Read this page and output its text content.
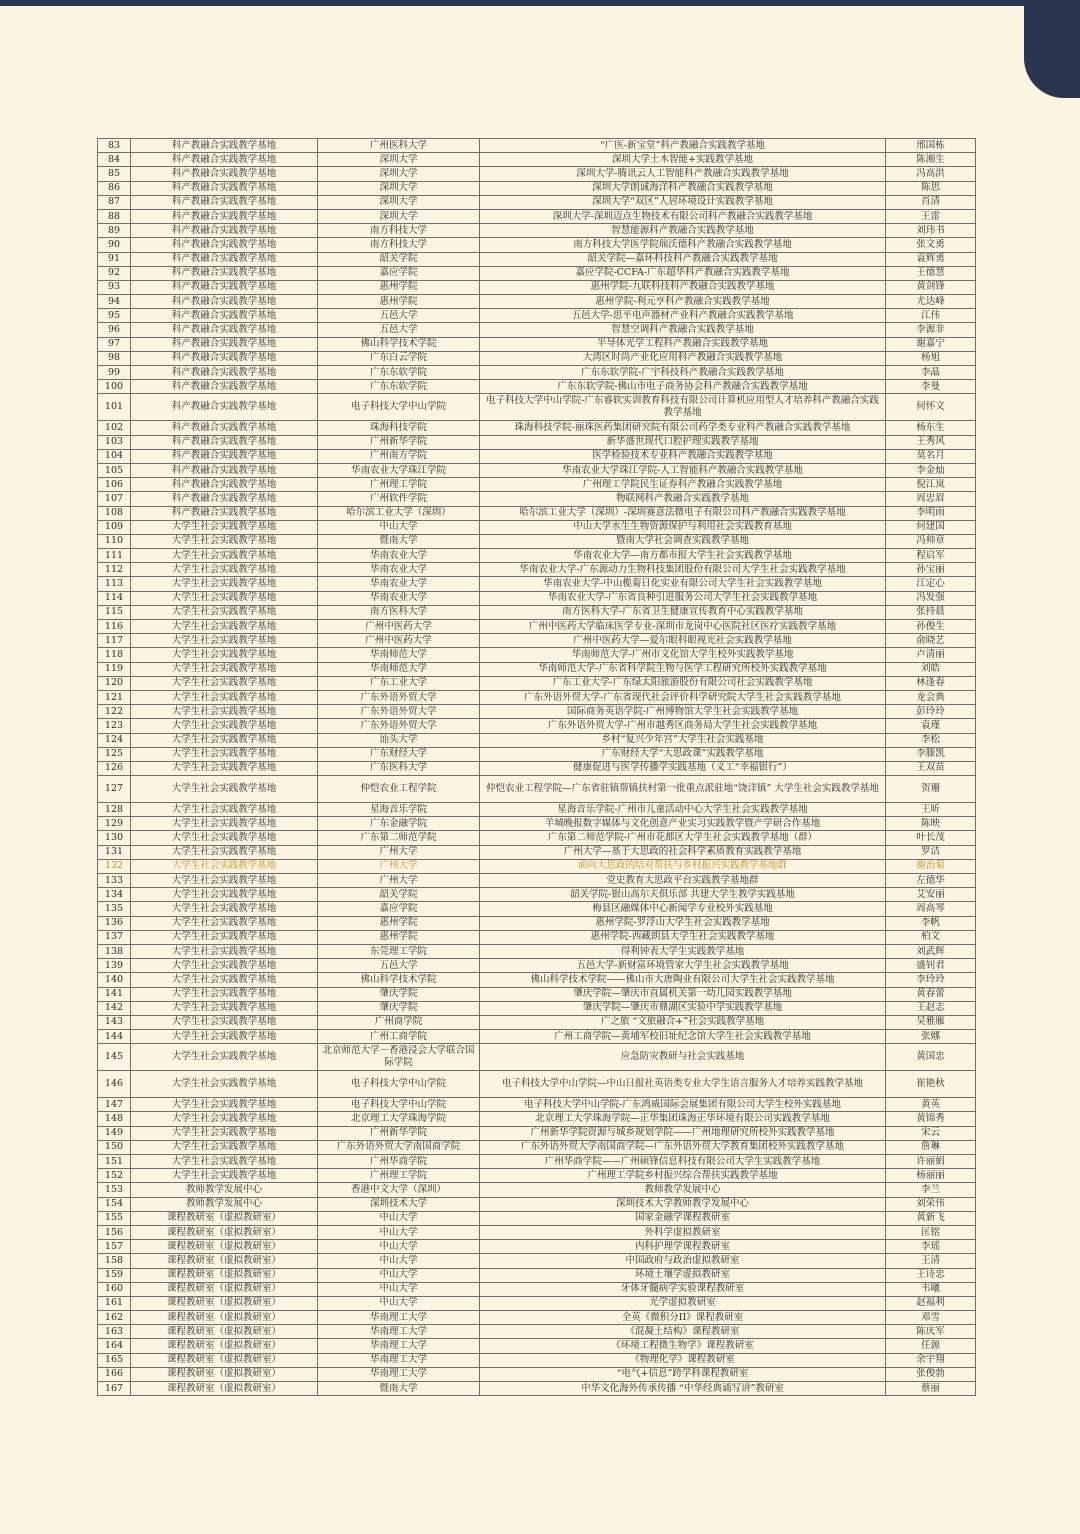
83	科产教融合实践教学基地	广州医科大学	“广医-新宝堂”科产教融合实践教学基地	邢国栋
84	科产教融合实践教学基地	深圳大学	深圳大学土木智能+实践教学基地	陈湘生
85	科产教融合实践教学基地	深圳大学	深圳大学-腾讯云人工智能科产教融合实践教学基地	冯高洪
86	科产教融合实践教学基地	深圳大学	深圳大学朗诚海洋科产教融合实践教学基地	陈思
87	科产教融合实践教学基地	深圳大学	深圳大学“双区”人居环境设计实践教学基地	肖清
88	科产教融合实践教学基地	深圳大学	深圳大学-深圳迈点生物技术有限公司科产教融合实践教学基地	王雷
89	科产教融合实践教学基地	南方科技大学	智慧能源科产教融合实践教学基地	刘玮书
90	科产教融合实践教学基地	南方科技大学	南方科技大学医学院瑞沃德科产教融合实践教学基地	张文勇
91	科产教融合实践教学基地	韶关学院	韶关学院—嘉环科技科产教融合实践教学基地	袁辉勇
92	科产教融合实践教学基地	嘉应学院	嘉应学院-CCFA-广东超华科产教融合实践教学基地	王德慧
93	科产教融合实践教学基地	惠州学院	惠州学院-九联科技科产教融合实践教学基地	黄剑锋
94	科产教融合实践教学基地	惠州学院	惠州学院-利元亨科产教融合实践教学基地	尤达峰
95	科产教融合实践教学基地	五邑大学	五邑大学-思平电声器材产业科产教融合实践教学基地	江伟
96	科产教融合实践教学基地	五邑大学	智慧空调科产教融合实践教学基地	李源非
97	科产教融合实践教学基地	佛山科学技术学院	半导体光学工程科产教融合实践教学基地	谢嘉宁
98	科产教融合实践教学基地	广东白云学院	大湾区时尚产业化应用科产教融合实践教学基地	杨旭
99	科产教融合实践教学基地	广东东软学院	广东东软学院-广宇科技科产教融合实践教学基地	李晶
100	科产教融合实践教学基地	广东东软学院	广东东软学院-佛山市电子商务协会科产教融合实践教学基地	李曼
101	科产教融合实践教学基地	电子科技大学中山学院	电子科技大学中山学院-广东睿软实训教育科技有限公司计算机应用型人才培养科产教融合实践教学基地	何怀文
102	科产教融合实践教学基地	珠海科技学院	珠海科技学院-丽珠医药集团研究院有限公司药学类专业科产教融合实践教学基地	杨东生
103	科产教融合实践教学基地	广州新华学院	新华盛世现代口腔护理实践教学基地	王秀风
104	科产教融合实践教学基地	广州南方学院	医学检验技术专业科产教融合实践教学基地	莫名月
105	科产教融合实践教学基地	华南农业大学珠江学院	华南农业大学珠江学院-人工智能科产教融合实践教学基地	李金灿
106	科产教融合实践教学基地	广州理工学院	广州理工学院民生证券科产教融合实践教学基地	倪江岚
107	科产教融合实践教学基地	广州软件学院	物联网科产教融合实践教学基地	周忠眉
108	科产教融合实践教学基地	哈尔滨工业大学（深圳）	哈尔滨工业大学（深圳）-深圳赛意法微电子有限公司科产教融合实践教学基地	李明雨
109	大学生社会实践教学基地	中山大学	中山大学水生生物资源保护与利用社会实践教育基地	何建国
110	大学生社会实践教学基地	暨南大学	暨南大学社会调查实践教学基地	冯帅章
111	大学生社会实践教学基地	华南农业大学	华南农业大学—南方都市报大学生社会实践教学基地	程启军
112	大学生社会实践教学基地	华南农业大学	华南农业大学-广东源动力生物科技集团股份有限公司大学生社会实践教学基地	孙宝丽
113	大学生社会实践教学基地	华南农业大学	华南农业大学-中山榄菊日化实业有限公司大学生社会实践教学基地	江定心
114	大学生社会实践教学基地	华南农业大学	华南农业大学-广东省良种引进服务公司大学生社会实践教学基地	冯发强
115	大学生社会实践教学基地	南方医科大学	南方医科大学-广东省卫生健康宣传教育中心实践教学基地	张持晨
116	大学生社会实践教学基地	广州中医药大学	广州中医药大学临床医学专业-深圳市龙岗中心医院社区医疗实践教学基地	孙俊生
117	大学生社会实践教学基地	广州中医药大学	广州中医药大学—爱尔眼科眼视光社会实践教学基地	俞晓艺
118	大学生社会实践教学基地	华南师范大学	华南师范大学-广州市文化馆大学生校外实践教学基地	卢清丽
119	大学生社会实践教学基地	华南师范大学	华南师范大学-广东省科学院生物与医学工程研究所校外实践教学基地	刘皓
120	大学生社会实践教学基地	广东工业大学	广东工业大学-广东绿太阳旅游股份有限公司社会实践教学基地	林逢春
121	大学生社会实践教学基地	广东外语外贸大学	广东外语外贸大学-广东省现代社会评价科学研究院大学生社会实践教学基地	龙会典
122	大学生社会实践教学基地	广东外语外贸大学	国际商务英语学院-广州博物馆大学生社会实践教学基地	彭玲玲
123	大学生社会实践教学基地	广东外语外贸大学	广东外语外贸大学-广州市越秀区商务局大学生社会实践教学基地	袁瑾
124	大学生社会实践教学基地	汕头大学	乡村“复兴少年宫”大学生社会实践基地	李松
125	大学生社会实践教学基地	广东财经大学	广东财经大学“大思政课”实践教学基地	李滕凯
126	大学生社会实践教学基地	广东医科大学	健康促进与医学传播学实践基地（义工“幸福银行”）	王双苗
127	大学生社会实践教学基地	仲恺农业工程学院	仲恺农业工程学院—广东省驻镇帮镇扶村第一批重点派驻地“饶洋镇” 大学生社会实践教学基地	贺珊
128	大学生社会实践教学基地	星海音乐学院	星海音乐学院-广州市儿童活动中心大学生社会实践教学基地	王昕
129	大学生社会实践教学基地	广东金融学院	羊城晚报数字媒体与文化创意产业实习实践教学暨产学研合作基地	陈映
130	大学生社会实践教学基地	广东第二师范学院	广东第二师范学院-广州市花都区大学生社会实践教学基地（群）	叶长茂
131	大学生社会实践教学基地	广州大学	广州大学—基于大思政的社会科学素质教育实践教学基地	罗洁
132	大学生社会实践教学基地	广州大学	面向大思政的结对帮扶与乡村振兴实践教学基地群	谢治菊
133	大学生社会实践教学基地	广州大学	党史教育大思政平台实践教学基地群	左德华
134	大学生社会实践教学基地	韶关学院	韶关学院-银山高尔夫俱乐部 共建大学生教学实践基地	艾安丽
135	大学生社会实践教学基地	嘉应学院	梅县区融媒体中心新闻学专业校外实践基地	周高琴
136	大学生社会实践教学基地	惠州学院	惠州学院-罗浮山大学生社会实践教学基地	李帆
137	大学生社会实践教学基地	惠州学院	惠州学院-西藏朗县大学生社会实践教学基地	柏文
138	大学生社会实践教学基地	东莞理工学院	得利钟表大学生实践教学基地	刘武辉
139	大学生社会实践教学基地	五邑大学	五邑大学-新财富环境管家大学生社会实践教学基地	盛钊君
140	大学生社会实践教学基地	佛山科学技术学院	佛山科学技术学院——佛山市大唐陶业有限公司大学生社会实践教学基地	李玲玲
141	大学生社会实践教学基地	肇庆学院	肇庆学院—肇庆市直属机关第一幼儿园实践教学基地	黄春蕾
142	大学生社会实践教学基地	肇庆学院	肇庆学院—肇庆市鼎湖区实验中学实践教学基地	王赵志
143	大学生社会实践教学基地	广州商学院	广之旅 “文旅融合+”社会实践教学基地	吴雅雁
144	大学生社会实践教学基地	广州工商学院	广州工商学院—黄埔军校旧址纪念馆大学生社会实践教学基地	张娜
145	大学生社会实践教学基地	北京师范大学－香港浸会大学联合国际学院	应急防灾教研与社会实践基地	黄国忠
146	大学生社会实践教学基地	电子科技大学中山学院	电子科技大学中山学院—中山日报社英语类专业大学生语言服务人才培养实践教学基地	崔艳秋
147	大学生社会实践教学基地	电子科技大学中山学院	电子科技大学中山学院-广东鸿威国际会展集团有限公司大学生校外实践基地	黄英
148	大学生社会实践教学基地	北京理工大学珠海学院	北京理工大学珠海学院—正华集团珠海正华环境有限公司实践教学基地	黄锦秀
149	大学生社会实践教学基地	广州新华学院	广州新华学院资源与城乡规划学院——广州地理研究所校外实践教学基地	宋云
150	大学生社会实践教学基地	广东外语外贸大学南国商学院	广东外语外贸大学南国商学院—广东外语外贸大学教育集团校外实践教学基地	詹琳
151	大学生社会实践教学基地	广州华商学院	广州华商学院——广州硕锋信息科技有限公司大学生实践教学基地	许丽娟
152	大学生社会实践教学基地	广州理工学院	广州理工学院乡村振兴综合帮扶实践教学基地	杨丽丽
153	教师教学发展中心	香港中文大学（深圳）	教师教学发展中心	李兰
154	教师教学发展中心	深圳技术大学	深圳技术大学教师教学发展中心	刘荣伟
155	课程教研室（虚拟教研室）	中山大学	国家金融学课程教研室	黄新飞
156	课程教研室（虚拟教研室）	中山大学	外科学虚拟教研室	匡铭
157	课程教研室（虚拟教研室）	中山大学	内科护理学课程教研室	李瑶
158	课程教研室（虚拟教研室）	中山大学	中国政府与政治虚拟教研室	王清
159	课程教研室（虚拟教研室）	中山大学	环境土壤学虚拟教研室	王诗忠
160	课程教研室（虚拟教研室）	中山大学	牙体牙髓病学实验课程教研室	韦曦
161	课程教研室（虚拟教研室）	中山大学	光学虚拟教研室	赵福利
162	课程教研室（虚拟教研室）	华南理工大学	全英《微积分II》课程教研室	邓雪
163	课程教研室（虚拟教研室）	华南理工大学	《混凝土结构》课程教研室	陈庆军
164	课程教研室（虚拟教研室）	华南理工大学	《环境工程微生物学》课程教研室	任源
165	课程教研室（虚拟教研室）	华南理工大学	《物理化学》课程教研室	余宇翔
166	课程教研室（虚拟教研室）	华南理工大学	“电气+信息”跨学科课程教研室	张俊勃
167	课程教研室（虚拟教研室）	暨南大学	中华文化海外传承传播 “中华经典诵写讲”教研室	蔡丽
